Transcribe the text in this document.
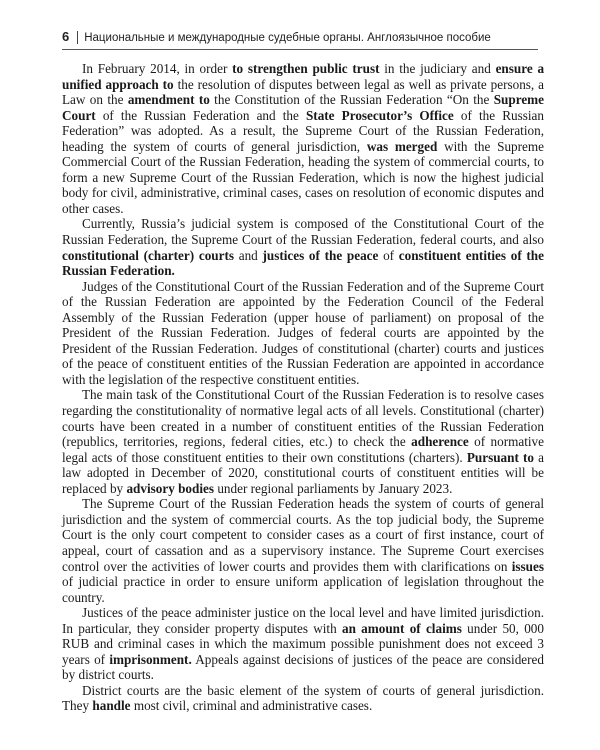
6 Национальные и международные судебные органы. Англоязычное пособие

In February 2014, in order to strengthen public trust in the judiciary and ensure a unified approach to the resolution of disputes between legal as well as private persons, a Law on the amendment to the Constitution of the Russian Federation “On the Supreme Court of the Russian Federation and the State Prosecutor’s Office of the Russian Federation” was adopted. As a result, the Supreme Court of the Russian Federation, heading the system of courts of general jurisdiction, was merged with the Supreme Commercial Court of the Russian Federation, heading the system of commercial courts, to form a new Supreme Court of the Russian Federation, which is now the highest judicial body for civil, administrative, criminal cases, cases on resolution of economic disputes and other cases.

Currently, Russia’s judicial system is composed of the Constitutional Court of the Russian Federation, the Supreme Court of the Russian Federation, federal courts, and also constitutional (charter) courts and justices of the peace of constituent entities of the Russian Federation.

Judges of the Constitutional Court of the Russian Federation and of the Supreme Court of the Russian Federation are appointed by the Federation Council of the Federal Assembly of the Russian Federation (upper house of parliament) on proposal of the President of the Russian Federation. Judges of federal courts are appointed by the President of the Russian Federation. Judges of constitutional (charter) courts and justices of the peace of constituent entities of the Russian Federation are appointed in accordance with the legislation of the respective constituent entities.

The main task of the Constitutional Court of the Russian Federation is to resolve cases regarding the constitutionality of normative legal acts of all levels. Constitutional (charter) courts have been created in a number of constituent entities of the Russian Federation (republics, territories, regions, federal cities, etc.) to check the adherence of normative legal acts of those constituent entities to their own constitutions (charters). Pursuant to a law adopted in December of 2020, constitutional courts of constituent entities will be replaced by advisory bodies under regional parliaments by January 2023.

The Supreme Court of the Russian Federation heads the system of courts of general jurisdiction and the system of commercial courts. As the top judicial body, the Supreme Court is the only court competent to consider cases as a court of first instance, court of appeal, court of cassation and as a supervisory instance. The Supreme Court exercises control over the activities of lower courts and provides them with clarifications on issues of judicial practice in order to ensure uniform application of legislation throughout the country.

Justices of the peace administer justice on the local level and have limited jurisdiction. In particular, they consider property disputes with an amount of claims under 50, 000 RUB and criminal cases in which the maximum possible punishment does not exceed 3 years of imprisonment. Appeals against decisions of justices of the peace are considered by district courts.

District courts are the basic element of the system of courts of general jurisdiction. They handle most civil, criminal and administrative cases.
